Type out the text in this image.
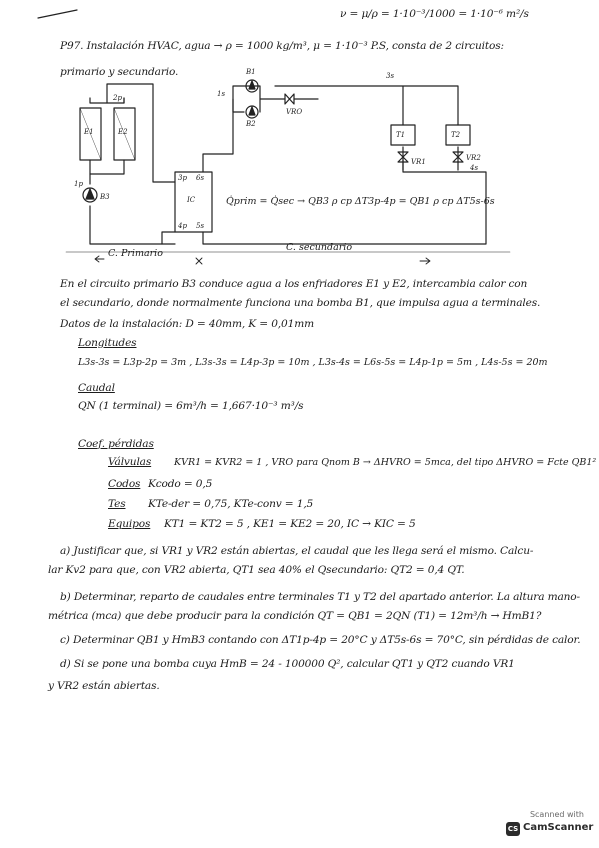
ν = μ/ρ = 1·10⁻³/1000 = 1·10⁻⁶ m²/s
P97. Instalación HVAC, agua → ρ = 1000 kg/m³, μ = 1·10⁻³ P.S, consta de 2 circuitos:
primario y secundario.
E1	E2
B3
B1
B2
VRO
IC
T1	T2
VR1	VR2
2p
1p
3p
4p
1s
3s
5s
6s
4s
Q̇prim = Q̇sec → QB3 ρ cp ΔT3p-4p = QB1 ρ cp ΔT5s-6s
C. Primario
C. secundario
En el circuito primario B3 conduce agua a los enfriadores E1 y E2, intercambia calor con
el secundario, donde normalmente funciona una bomba B1, que impulsa agua a terminales.
Datos de la instalación: D = 40mm, K = 0,01mm
Longitudes
L3s-3s = L3p-2p = 3m , L3s-3s = L4p-3p = 10m , L3s-4s = L6s-5s = L4p-1p = 5m , L4s-5s = 20m
Caudal
QN (1 terminal) = 6m³/h = 1,667·10⁻³ m³/s
Coef. pérdidas
Válvulas KVR1 = KVR2 = 1 , VRO para Qnom B → ΔHVRO = 5mca, del tipo ΔHVRO = Fcte QB1²
Codos Kcodo = 0,5
Tes KTe-der = 0,75, KTe-conv = 1,5
Equipos KT1 = KT2 = 5 , KE1 = KE2 = 20, IC → KIC = 5
a) Justificar que, si VR1 y VR2 están abiertas, el caudal que les llega será el mismo. Calcu-
lar Kv2 para que, con VR2 abierta, QT1 sea 40% el Qsecundario: QT2 = 0,4 QT.
b) Determinar, reparto de caudales entre terminales T1 y T2 del apartado anterior. La altura mano-
métrica (mca) que debe producir para la condición QT = QB1 = 2QN (T1) = 12m³/h → HmB1?
c) Determinar QB1 y HmB3 contando con ΔT1p-4p = 20°C y ΔT5s-6s = 70°C, sin pérdidas de calor.
d) Si se pone una bomba cuya HmB = 24 - 100000 Q², calcular QT1 y QT2 cuando VR1
y VR2 están abiertas.
Scanned with
CS CamScanner
